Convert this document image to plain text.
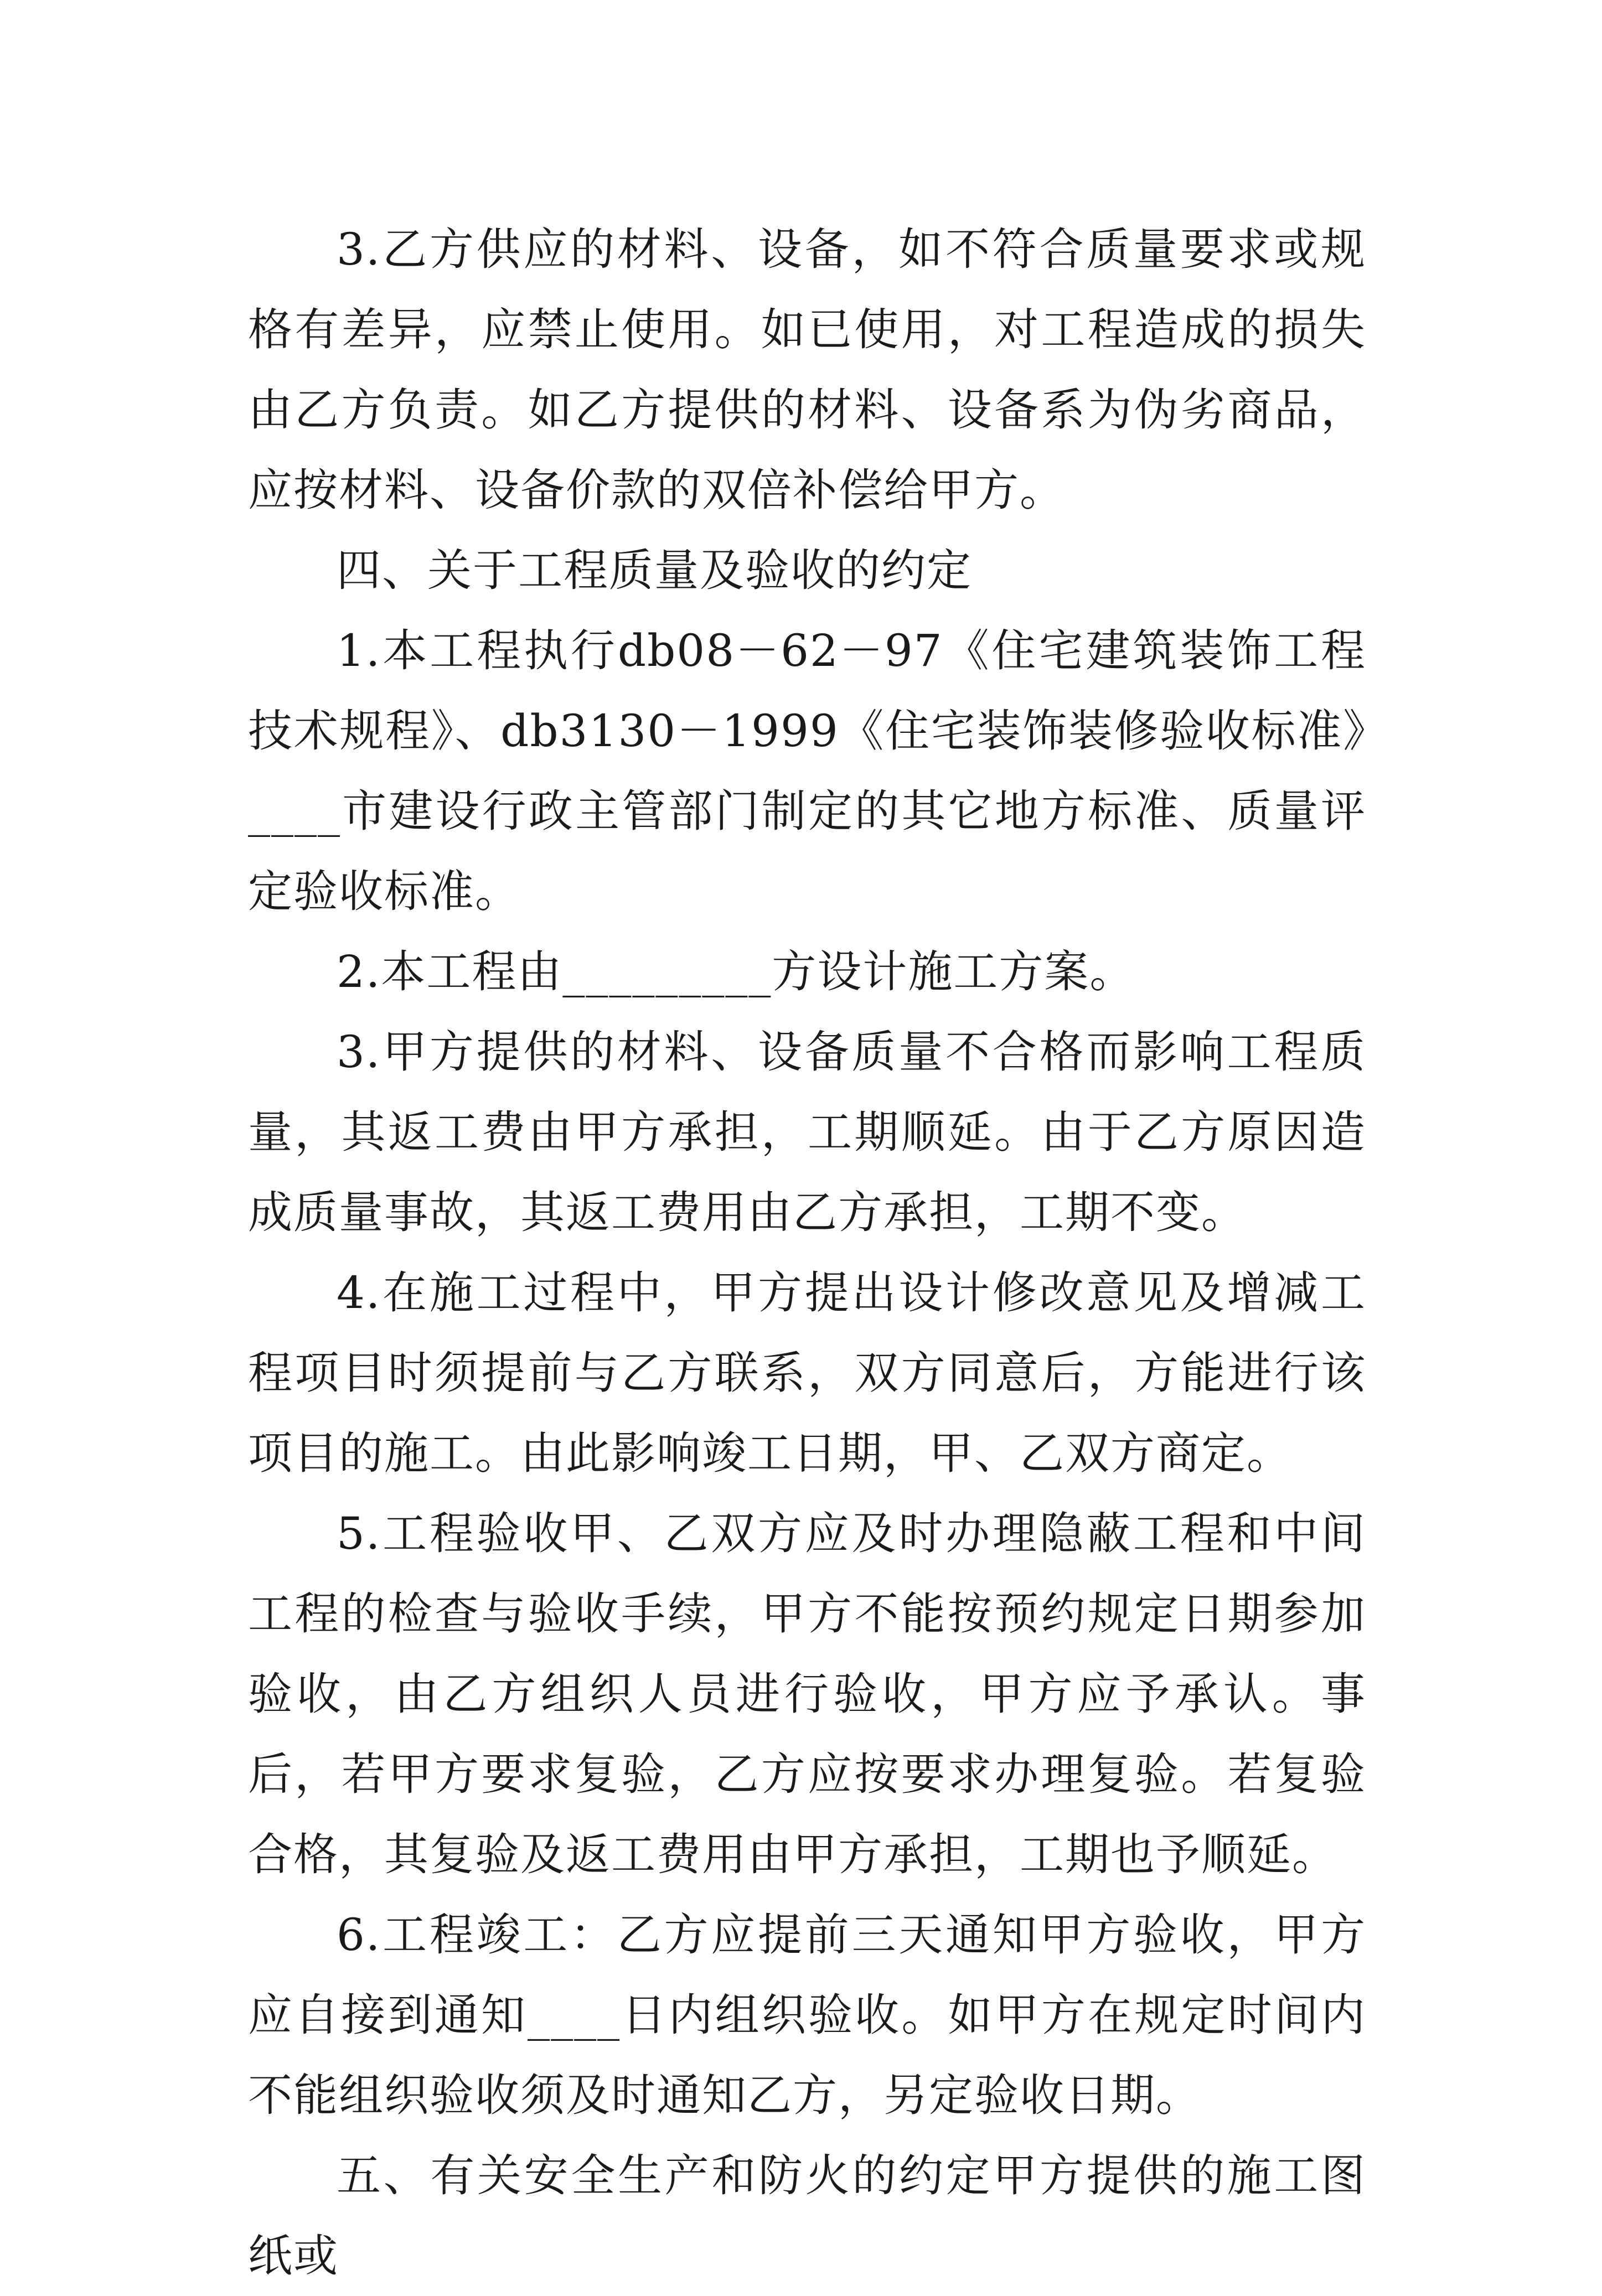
3.乙方供应的材料、设备，如不符合质量要求或规格有差异，应禁止使用。如已使用，对工程造成的损失由乙方负责。如乙方提供的材料、设备系为伪劣商品，应按材料、设备价款的双倍补偿给甲方。

四、关于工程质量及验收的约定

1.本工程执行db08－62－97《住宅建筑装饰工程技术规程》、db3130－1999《住宅装饰装修验收标准》____市建设行政主管部门制定的其它地方标准、质量评定验收标准。

2.本工程由_________方设计施工方案。

3.甲方提供的材料、设备质量不合格而影响工程质量，其返工费由甲方承担，工期顺延。由于乙方原因造成质量事故，其返工费用由乙方承担，工期不变。

4.在施工过程中，甲方提出设计修改意见及增减工程项目时须提前与乙方联系，双方同意后，方能进行该项目的施工。由此影响竣工日期，甲、乙双方商定。

5.工程验收甲、乙双方应及时办理隐蔽工程和中间工程的检查与验收手续，甲方不能按预约规定日期参加验收，由乙方组织人员进行验收，甲方应予承认。事后，若甲方要求复验，乙方应按要求办理复验。若复验合格，其复验及返工费用由甲方承担，工期也予顺延。

6.工程竣工：乙方应提前三天通知甲方验收，甲方应自接到通知____日内组织验收。如甲方在规定时间内不能组织验收须及时通知乙方，另定验收日期。

五、有关安全生产和防火的约定甲方提供的施工图纸或
